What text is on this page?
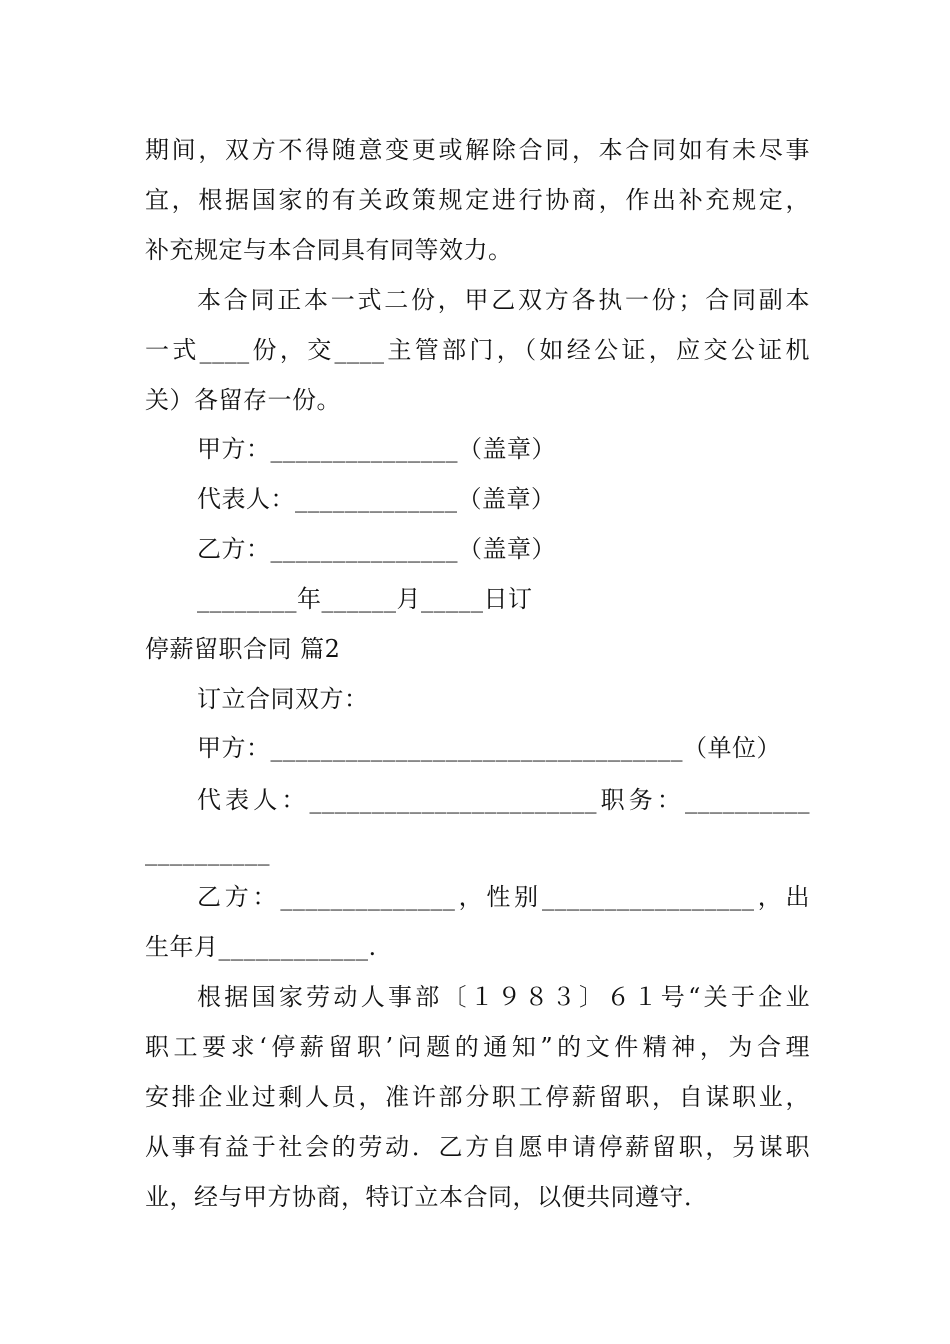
期间，双方不得随意变更或解除合同，本合同如有未尽事
宜，根据国家的有关政策规定进行协商，作出补充规定，
补充规定与本合同具有同等效力。
本合同正本一式二份，甲乙双方各执一份；合同副本
一式____份，交____主管部门，（如经公证，应交公证机
关）各留存一份。
甲方：_______________（盖章）
代表人：_____________（盖章）
乙方：_______________（盖章）
________年______月_____日订
停薪留职合同 篇2
订立合同双方：
甲方：_________________________________（单位）
代表人：_______________________职务：__________
__________
乙方：______________，性别_________________，出
生年月____________.
根据国家劳动人事部〔１９８３〕６１号“关于企业
职工要求‘停薪留职’问题的通知”的文件精神，为合理
安排企业过剩人员，准许部分职工停薪留职，自谋职业，
从事有益于社会的劳动．乙方自愿申请停薪留职，另谋职
业，经与甲方协商，特订立本合同，以便共同遵守．
